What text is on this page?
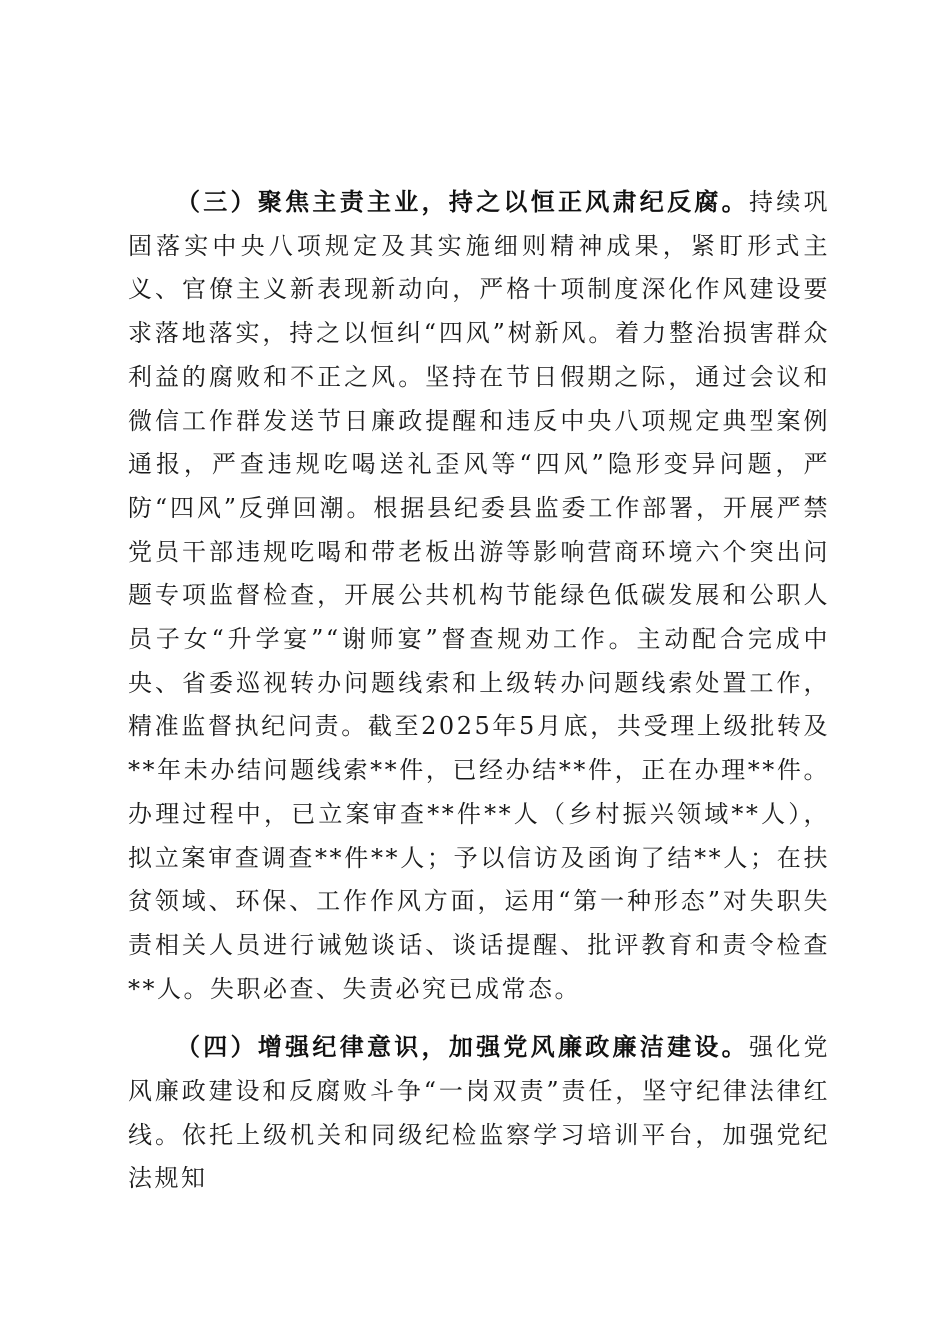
（三）聚焦主责主业，持之以恒正风肃纪反腐。持续巩固落实中央八项规定及其实施细则精神成果，紧盯形式主义、官僚主义新表现新动向，严格十项制度深化作风建设要求落地落实，持之以恒纠“四风”树新风。着力整治损害群众利益的腐败和不正之风。坚持在节日假期之际，通过会议和微信工作群发送节日廉政提醒和违反中央八项规定典型案例通报，严查违规吃喝送礼歪风等“四风”隐形变异问题，严防“四风”反弹回潮。根据县纪委县监委工作部署，开展严禁党员干部违规吃喝和带老板出游等影响营商环境六个突出问题专项监督检查，开展公共机构节能绿色低碳发展和公职人员子女“升学宴”“谢师宴”督查规劝工作。主动配合完成中央、省委巡视转办问题线索和上级转办问题线索处置工作，精准监督执纪问责。截至2025年5月底，共受理上级批转及**年未办结问题线索**件，已经办结**件，正在办理**件。办理过程中，已立案审查**件**人（乡村振兴领域**人），拟立案审查调查**件**人；予以信访及函询了结**人；在扶贫领域、环保、工作作风方面，运用“第一种形态”对失职失责相关人员进行诫勉谈话、谈话提醒、批评教育和责令检查**人。失职必查、失责必究已成常态。

（四）增强纪律意识，加强党风廉政廉洁建设。强化党风廉政建设和反腐败斗争“一岗双责”责任，坚守纪律法律红线。依托上级机关和同级纪检监察学习培训平台，加强党纪法规知
